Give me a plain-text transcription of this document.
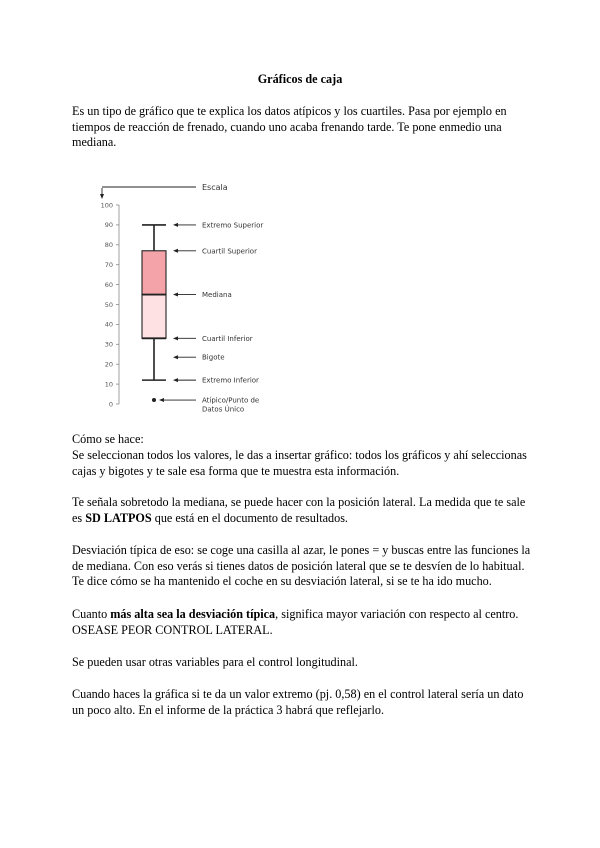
Gráficos de caja

Es un tipo de gráfico que te explica los datos atípicos y los cuartiles. Pasa por ejemplo en tiempos de reacción de frenado, cuando uno acaba frenando tarde. Te pone enmedio una mediana.

Escala
0
10
20
30
40
50
60
70
80
90
100
Extremo Superior
Cuartil Superior
Mediana
Cuartil Inferior
Bigote
Extremo Inferior
Atípico/Punto de
Datos Único

Cómo se hace:

Se seleccionan todos los valores, le das a insertar gráfico: todos los gráficos y ahí seleccionas cajas y bigotes y te sale esa forma que te muestra esta información.

Te señala sobretodo la mediana, se puede hacer con la posición lateral. La medida que te sale es SD LATPOS que está en el documento de resultados.

Desviación típica de eso: se coge una casilla al azar, le pones = y buscas entre las funciones la de mediana. Con eso verás si tienes datos de posición lateral que se te desvíen de lo habitual. Te dice cómo se ha mantenido el coche en su desviación lateral, si se te ha ido mucho.

Cuanto más alta sea la desviación típica, significa mayor variación con respecto al centro.

OSEASE PEOR CONTROL LATERAL.

Se pueden usar otras variables para el control longitudinal.

Cuando haces la gráfica si te da un valor extremo (pj. 0,58) en el control lateral sería un dato un poco alto. En el informe de la práctica 3 habrá que reflejarlo.
